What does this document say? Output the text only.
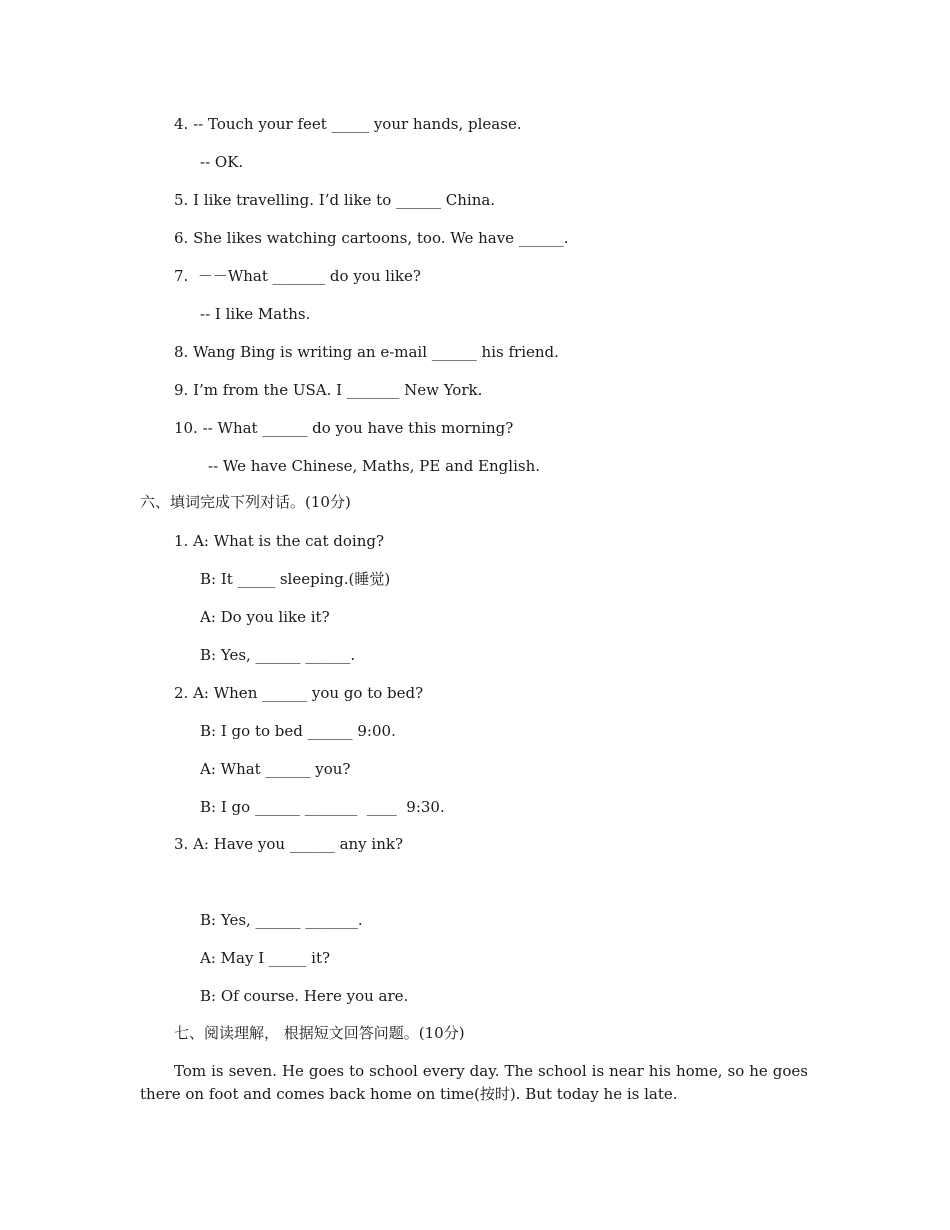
4. -- Touch your feet _____ your hands, please.
-- OK.
5. I like travelling. I’d like to ______ China.
6. She likes watching cartoons, too. We have ______.
7.  －－What _______ do you like?
-- I like Maths.
8. Wang Bing is writing an e-mail ______ his friend.
9. I’m from the USA. I _______ New York.
10. -- What ______ do you have this morning?
-- We have Chinese, Maths, PE and English.
六、填词完成下列对话。(10分)
1. A: What is the cat doing?
B: It _____ sleeping.(睡觉)
A: Do you like it?
B: Yes, ______ ______.
2. A: When ______ you go to bed?
B: I go to bed ______ 9:00.
A: What ______ you?
B: I go ______ _______  ____  9:30.
3. A: Have you ______ any ink?
B: Yes, ______ _______.
A: May I _____ it?
B: Of course. Here you are.
七、阅读理解， 根据短文回答问题。(10分)
Tom is seven. He goes to school every day. The school is near his home, so he goes there on foot and comes back home on time(按时). But today he is late.
